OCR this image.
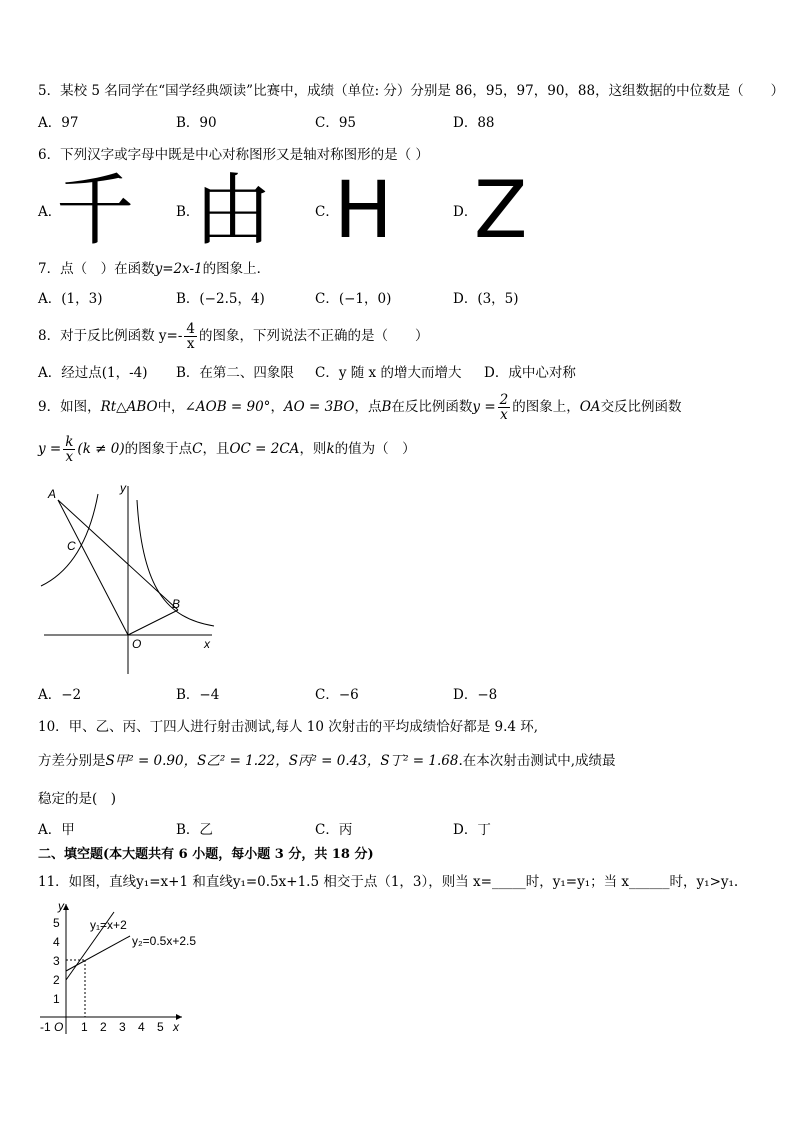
5．某校 5 名同学在“国学经典颂读”比赛中，成绩（单位: 分）分别是 86，95，97，90，88，这组数据的中位数是（　　）
A．97	B．90	C．95	D．88
6．下列汉字或字母中既是中心对称图形又是轴对称图形的是（ ）
A．
千	B．
由	C．
H	D．
Z
7．点（　）在函数y=2x-1的图象上．
A．(1，3)	B．(−2.5，4)	C．(−1，0)	D．(3，5)
8．对于反比例函数 $y=- \frac{4}{x}$ 的图象，下列说法不正确的是（　　）
A．经过点(1，-4) B．在第二、四象限 C．y 随 x 的增大而增大 D．成中心对称
9．如图，Rt△ABO中，∠AOB = 90°，AO = 3BO，点B在反比例函数$y = \frac{2}{x}$ 的图象上，OA交反比例函数
$y = \frac{k}{x} (k \ne 0)$的图象于点C，且OC = 2CA，则k的值为（　）
A
C
B
O	x
y
A．−2	B．−4	C．−6	D．−8
10．甲、乙、丙、丁四人进行射击测试,每人 10 次射击的平均成绩恰好都是 9.4 环,
方差分别是S甲² = 0.90，S乙² = 1.22，S丙² = 0.43，S丁² = 1.68.在本次射击测试中,成绩最
稳定的是(　)
A．甲	B．乙	C．丙	D．丁
二、填空题(本大题共有 6 小题，每小题 3 分，共 18 分)
11．如图，直线y₁=x+1 和直线y₁=0.5x+1.5 相交于点（1，3），则当 x=_____时，y₁=y₁；当 x______时，y₁>y₁.
y₁=x+2
y₂=0.5x+2.5
1
2
3
4
5
y
-1 O 1 2 3 4 5 x
